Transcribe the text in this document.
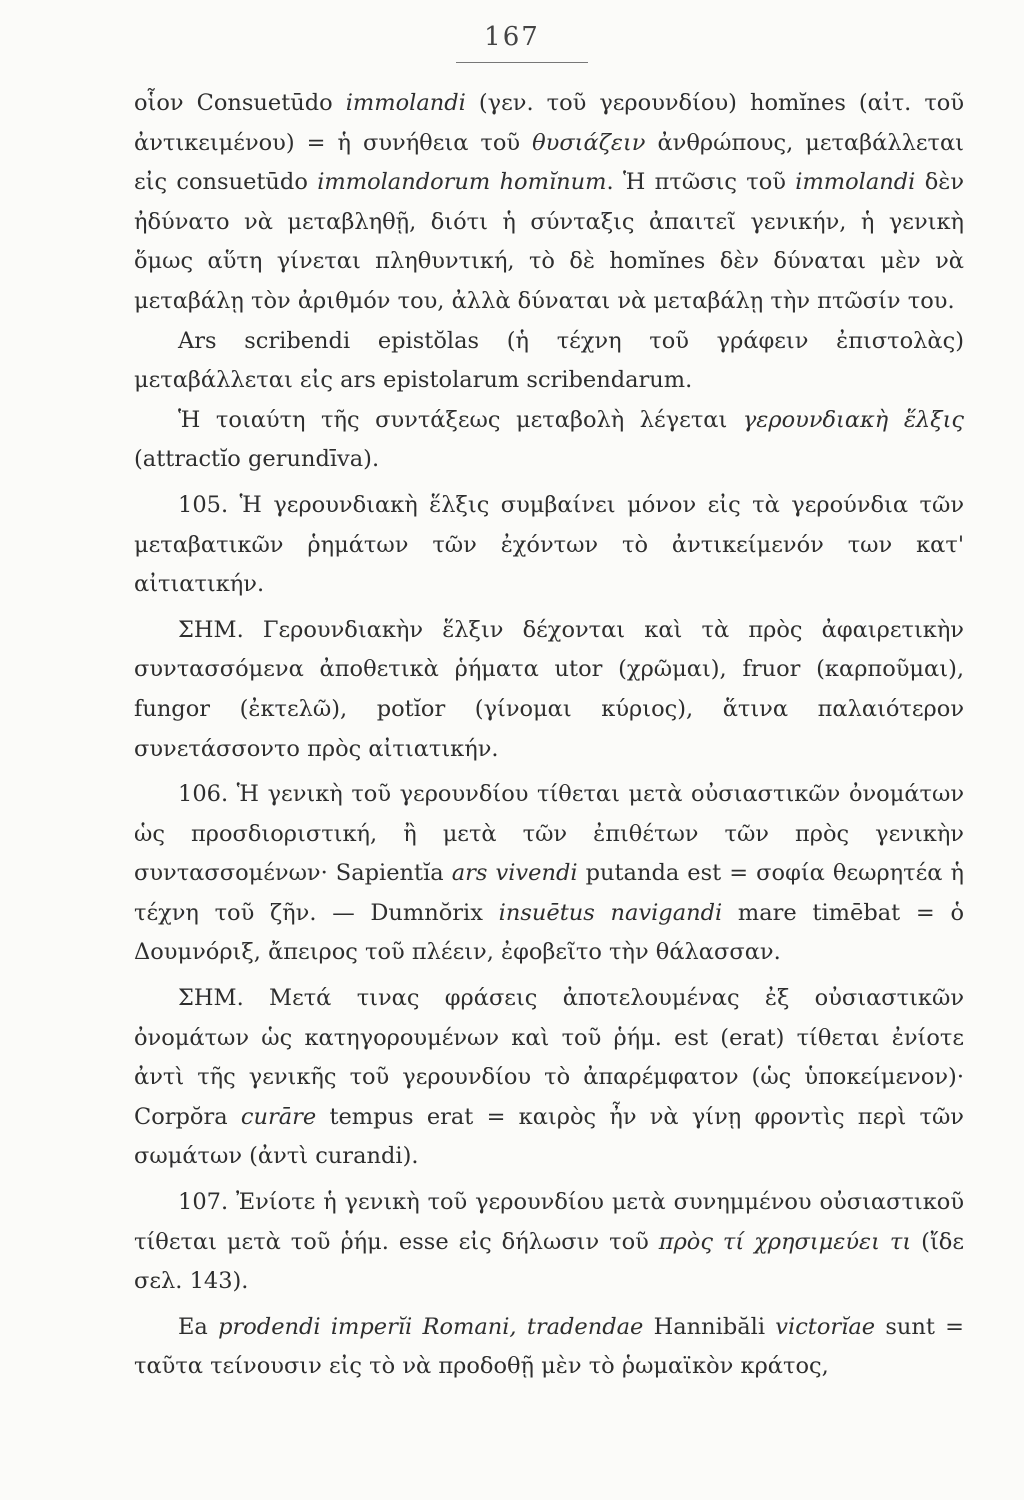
167

οἷον Consuetūdo immolandi (γεν. τοῦ γερουνδίου) homĭnes (αἰτ. τοῦ ἀντικειμένου) = ἡ συνήθεια τοῦ θυσιάζειν ἀνθρώπους, μεταβάλλεται εἰς consuetūdo immolandorum homĭnum. Ἡ πτῶσις τοῦ immolandi δὲν ἠδύνατο νὰ μεταβληθῇ, διότι ἡ σύνταξις ἀπαιτεῖ γενικήν, ἡ γενικὴ ὅμως αὕτη γίνεται πληθυντική, τὸ δὲ homĭnes δὲν δύναται μὲν νὰ μεταβάλῃ τὸν ἀριθμόν του, ἀλλὰ δύναται νὰ μεταβάλῃ τὴν πτῶσίν του.

Ars scribendi epistŏlas (ἡ τέχνη τοῦ γράφειν ἐπιστολὰς) μεταβάλλεται εἰς ars epistolarum scribendarum.

Ἡ τοιαύτη τῆς συντάξεως μεταβολὴ λέγεται γερουνδιακὴ ἕλξις (attractĭo gerundīva).

105. Ἡ γερουνδιακὴ ἕλξις συμβαίνει μόνον εἰς τὰ γερούνδια τῶν μεταβατικῶν ῥημάτων τῶν ἐχόντων τὸ ἀντικείμενόν των κατ' αἰτιατικήν.

ΣΗΜ. Γερουνδιακὴν ἕλξιν δέχονται καὶ τὰ πρὸς ἀφαιρετικὴν συντασσόμενα ἀποθετικὰ ῥήματα utor (χρῶμαι), fruor (καρποῦμαι), fungor (ἐκτελῶ), potĭor (γίνομαι κύριος), ἅτινα παλαιότερον συνετάσσοντο πρὸς αἰτιατικήν.

106. Ἡ γενικὴ τοῦ γερουνδίου τίθεται μετὰ οὐσιαστικῶν ὀνομάτων ὡς προσδιοριστική, ἢ μετὰ τῶν ἐπιθέτων τῶν πρὸς γενικὴν συντασσομένων· Sapientĭa ars vivendi putanda est = σοφία θεωρητέα ἡ τέχνη τοῦ ζῆν. — Dumnŏrix insuētus navigandi mare timēbat = ὁ Δουμνόριξ, ἄπειρος τοῦ πλέειν, ἐφοβεῖτο τὴν θάλασσαν.

ΣΗΜ. Μετά τινας φράσεις ἀποτελουμένας ἐξ οὐσιαστικῶν ὀνομάτων ὡς κατηγορουμένων καὶ τοῦ ῥήμ. est (erat) τίθεται ἐνίοτε ἀντὶ τῆς γενικῆς τοῦ γερουνδίου τὸ ἀπαρέμφατον (ὡς ὑποκείμενον)· Corpŏra curāre tempus erat = καιρὸς ἦν νὰ γίνῃ φροντὶς περὶ τῶν σωμάτων (ἀντὶ curandi).

107. Ἐνίοτε ἡ γενικὴ τοῦ γερουνδίου μετὰ συνημμένου οὐσιαστικοῦ τίθεται μετὰ τοῦ ῥήμ. esse εἰς δήλωσιν τοῦ πρὸς τί χρησιμεύει τι (ἴδε σελ. 143).

Ea prodendi imperĭi Romani, tradendae Hannibăli victorĭae sunt = ταῦτα τείνουσιν εἰς τὸ νὰ προδοθῇ μὲν τὸ ῥωμαϊκὸν κράτος,
